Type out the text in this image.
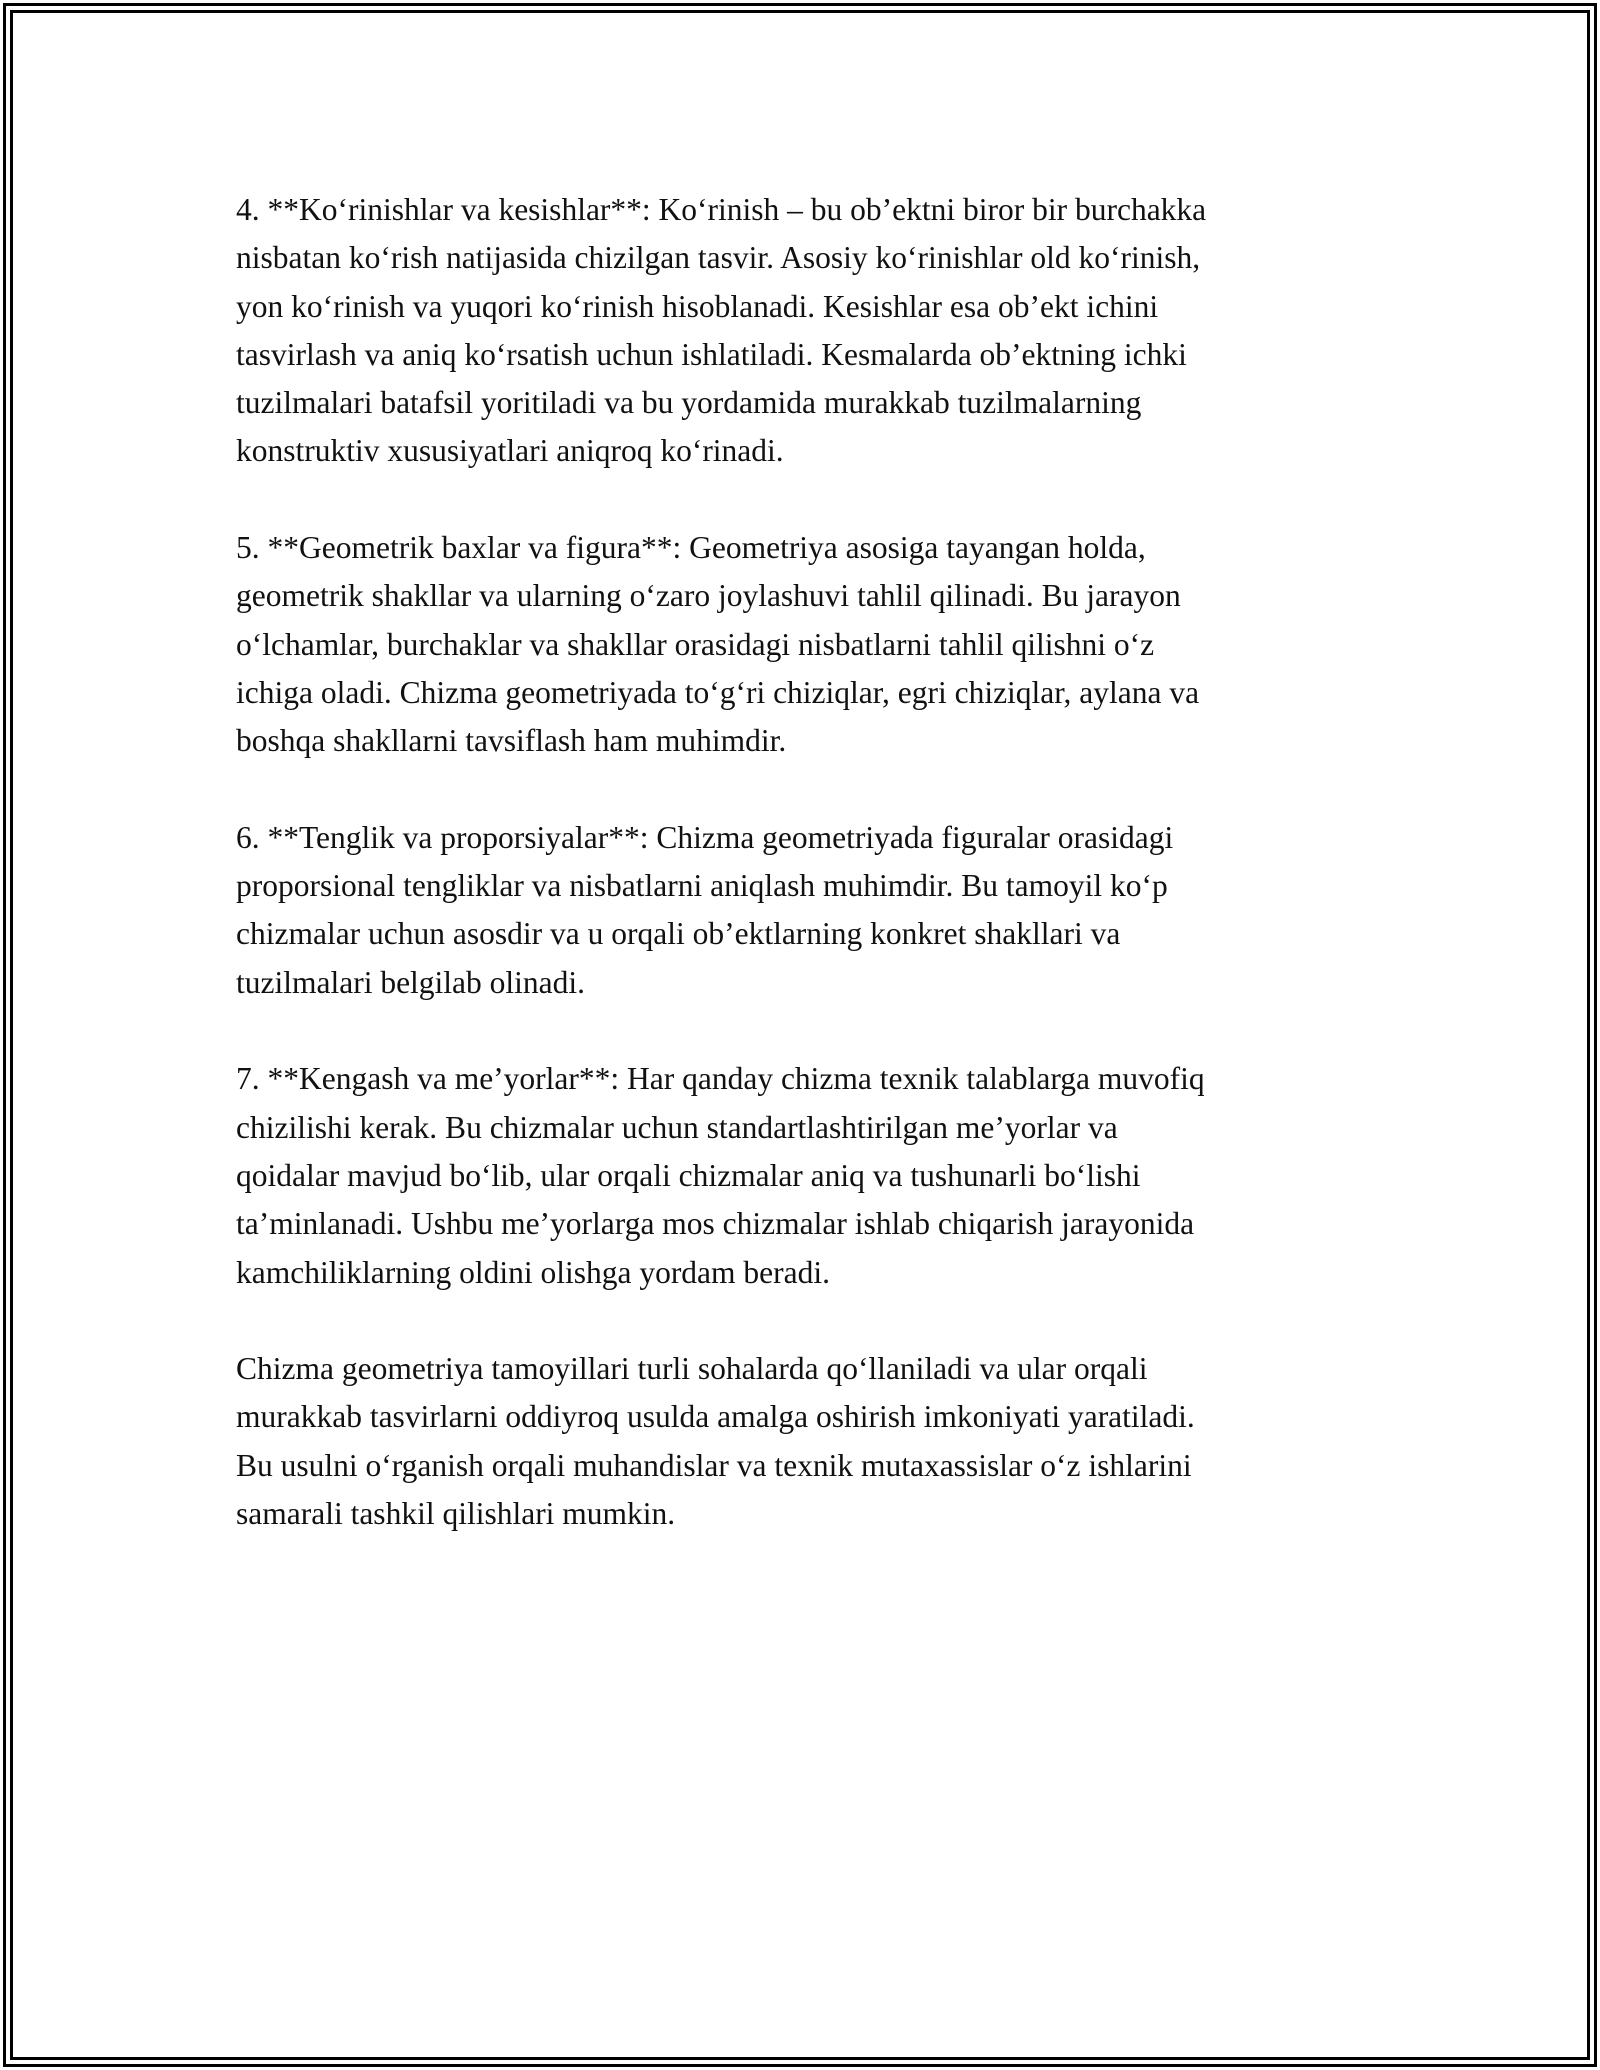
4. **Ko‘rinishlar va kesishlar**: Ko‘rinish – bu ob’ektni biror bir burchakka
nisbatan ko‘rish natijasida chizilgan tasvir. Asosiy ko‘rinishlar old ko‘rinish,
yon ko‘rinish va yuqori ko‘rinish hisoblanadi. Kesishlar esa ob’ekt ichini
tasvirlash va aniq ko‘rsatish uchun ishlatiladi. Kesmalarda ob’ektning ichki
tuzilmalari batafsil yoritiladi va bu yordamida murakkab tuzilmalarning
konstruktiv xususiyatlari aniqroq ko‘rinadi.

5. **Geometrik baxlar va figura**: Geometriya asosiga tayangan holda,
geometrik shakllar va ularning o‘zaro joylashuvi tahlil qilinadi. Bu jarayon
o‘lchamlar, burchaklar va shakllar orasidagi nisbatlarni tahlil qilishni o‘z
ichiga oladi. Chizma geometriyada to‘g‘ri chiziqlar, egri chiziqlar, aylana va
boshqa shakllarni tavsiflash ham muhimdir.

6. **Tenglik va proporsiyalar**: Chizma geometriyada figuralar orasidagi
proporsional tengliklar va nisbatlarni aniqlash muhimdir. Bu tamoyil ko‘p
chizmalar uchun asosdir va u orqali ob’ektlarning konkret shakllari va
tuzilmalari belgilab olinadi.

7. **Kengash va me’yorlar**: Har qanday chizma texnik talablarga muvofiq
chizilishi kerak. Bu chizmalar uchun standartlashtirilgan me’yorlar va
qoidalar mavjud bo‘lib, ular orqali chizmalar aniq va tushunarli bo‘lishi
ta’minlanadi. Ushbu me’yorlarga mos chizmalar ishlab chiqarish jarayonida
kamchiliklarning oldini olishga yordam beradi.

Chizma geometriya tamoyillari turli sohalarda qo‘llaniladi va ular orqali
murakkab tasvirlarni oddiyroq usulda amalga oshirish imkoniyati yaratiladi.
Bu usulni o‘rganish orqali muhandislar va texnik mutaxassislar o‘z ishlarini
samarali tashkil qilishlari mumkin.
